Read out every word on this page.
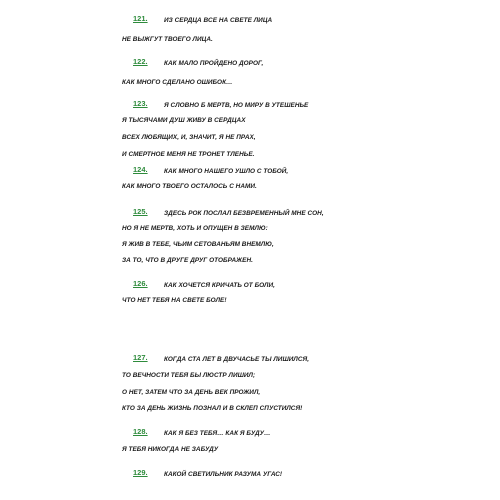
121.	ИЗ СЕРДЦА ВСЕ НА СВЕТЕ ЛИЦА
НЕ ВЫЖГУТ ТВОЕГО ЛИЦА.
122.	КАК МАЛО ПРОЙДЕНО ДОРОГ,
КАК МНОГО СДЕЛАНО ОШИБОК…
123.	Я СЛОВНО Б МЕРТВ, НО МИРУ В УТЕШЕНЬЕ
Я ТЫСЯЧАМИ ДУШ ЖИВУ В СЕРДЦАХ
ВСЕХ ЛЮБЯЩИХ, И, ЗНАЧИТ, Я НЕ ПРАХ,
И СМЕРТНОЕ МЕНЯ НЕ ТРОНЕТ ТЛЕНЬЕ.
124.	КАК МНОГО НАШЕГО УШЛО С ТОБОЙ,
КАК МНОГО ТВОЕГО ОСТАЛОСЬ С НАМИ.
125.	ЗДЕСЬ РОК ПОСЛАЛ БЕЗВРЕМЕННЫЙ МНЕ СОН,
НО Я НЕ МЕРТВ, ХОТЬ И ОПУЩЕН В ЗЕМЛЮ:
Я ЖИВ В ТЕБЕ, ЧЬИМ СЕТОВАНЬЯМ ВНЕМЛЮ,
ЗА ТО, ЧТО В ДРУГЕ ДРУГ ОТОБРАЖЕН.
126.	КАК ХОЧЕТСЯ КРИЧАТЬ ОТ БОЛИ,
ЧТО НЕТ ТЕБЯ НА СВЕТЕ БОЛЕ!
127.	КОГДА СТА ЛЕТ В ДВУЧАСЬЕ ТЫ ЛИШИЛСЯ,
ТО ВЕЧНОСТИ ТЕБЯ БЫ ЛЮСТР ЛИШИЛ;
О НЕТ, ЗАТЕМ ЧТО ЗА ДЕНЬ ВЕК ПРОЖИЛ,
КТО ЗА ДЕНЬ ЖИЗНЬ ПОЗНАЛ И В СКЛЕП СПУСТИЛСЯ!
128.	КАК Я БЕЗ ТЕБЯ… КАК Я БУДУ…
Я ТЕБЯ НИКОГДА НЕ ЗАБУДУ
129.	КАКОЙ СВЕТИЛЬНИК РАЗУМА УГАС!
